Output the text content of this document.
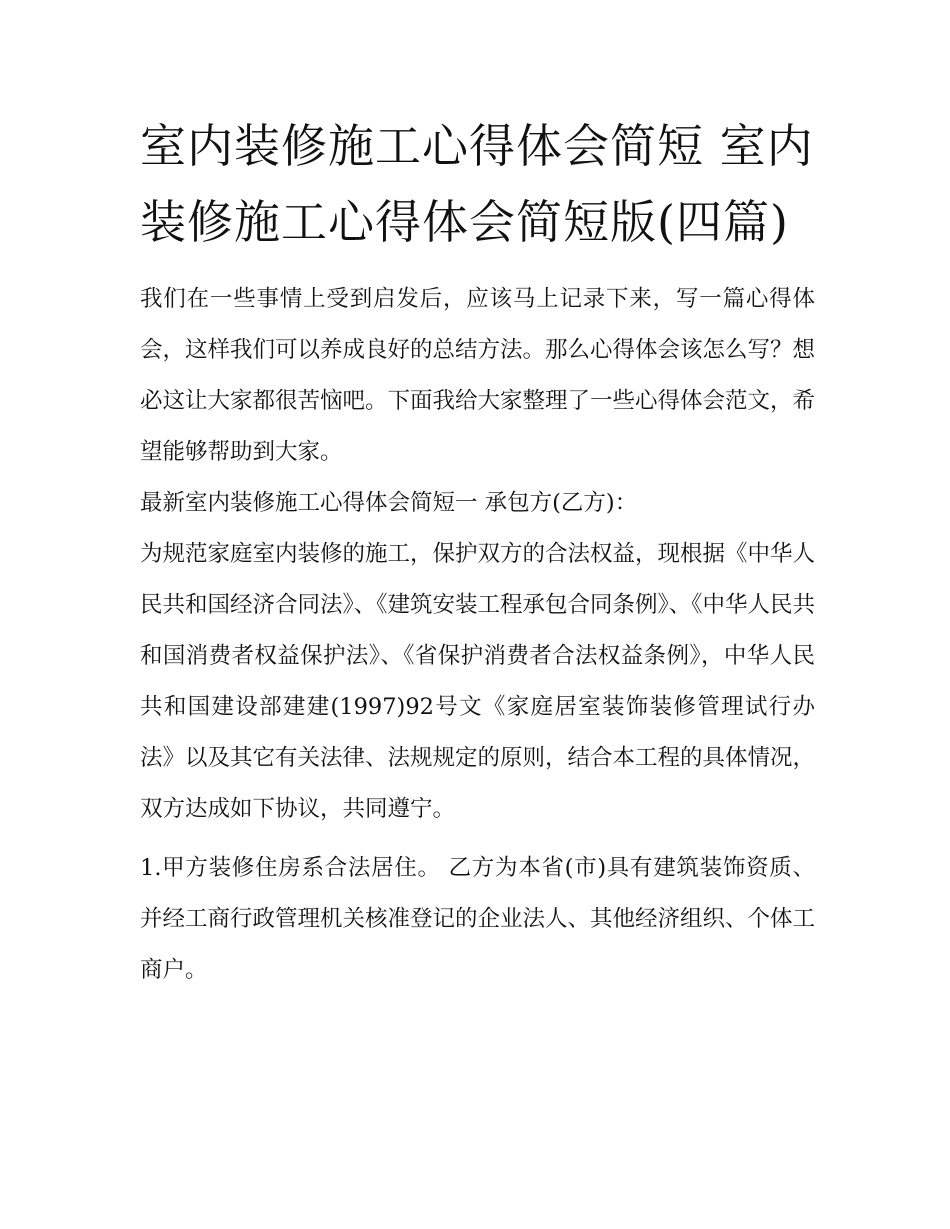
室内装修施工心得体会简短 室内装修施工心得体会简短版(四篇)

我们在一些事情上受到启发后，应该马上记录下来，写一篇心得体会，这样我们可以养成良好的总结方法。那么心得体会该怎么写？想必这让大家都很苦恼吧。下面我给大家整理了一些心得体会范文，希望能够帮助到大家。

最新室内装修施工心得体会简短一 承包方(乙方)：

为规范家庭室内装修的施工，保护双方的合法权益，现根据《中华人民共和国经济合同法》、《建筑安装工程承包合同条例》、《中华人民共和国消费者权益保护法》、《省保护消费者合法权益条例》，中华人民共和国建设部建建(1997)92号文《家庭居室装饰装修管理试行办法》以及其它有关法律、法规规定的原则，结合本工程的具体情况，双方达成如下协议，共同遵宁。

1.甲方装修住房系合法居住。 乙方为本省(市)具有建筑装饰资质、并经工商行政管理机关核准登记的企业法人、其他经济组织、个体工商户。
